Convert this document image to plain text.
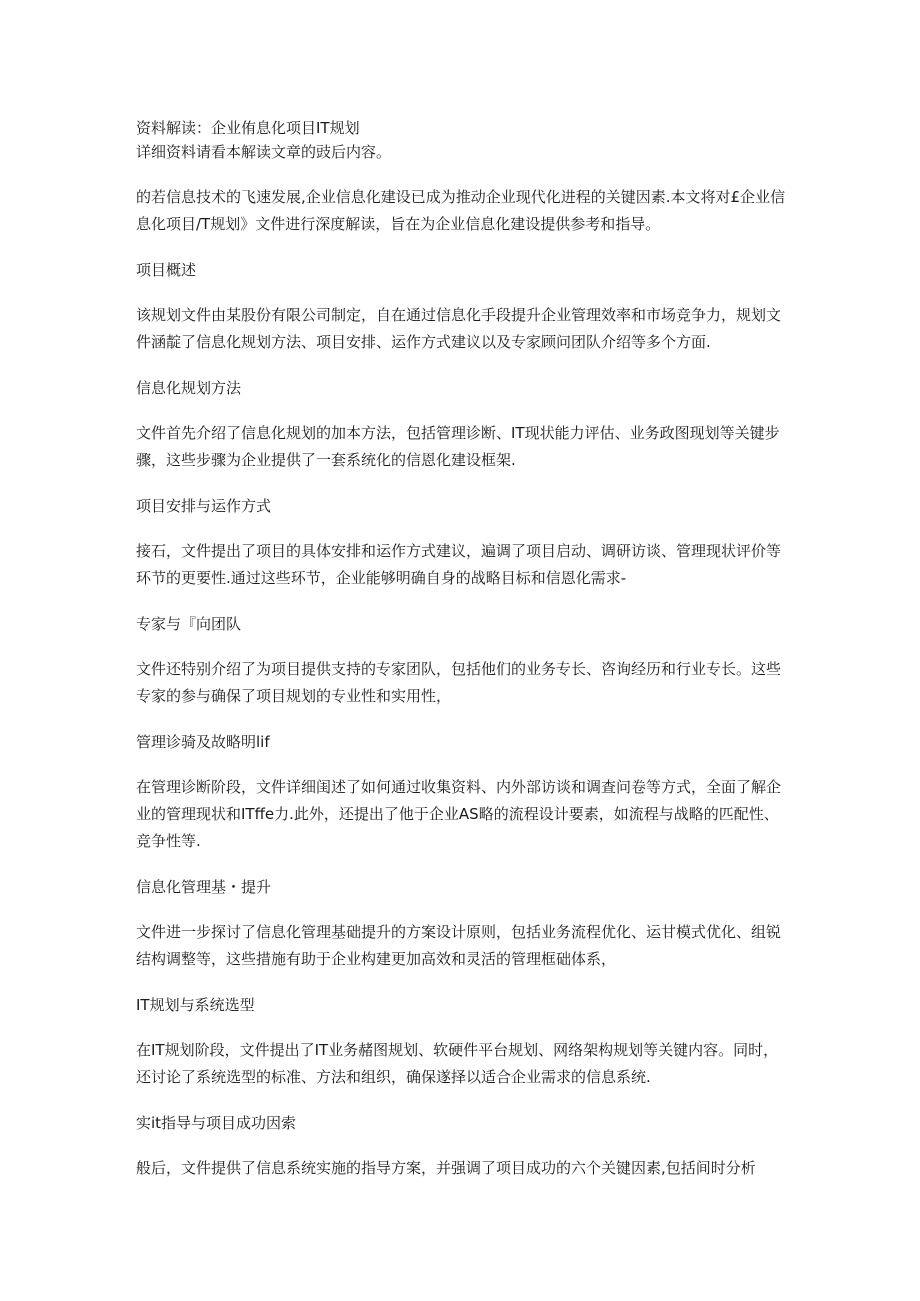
资料解读：企业侑息化项目IT规划

详细资料请看本解读文章的豉后内容。

的若信息技术的飞速发展,企业信息化建设已成为推动企业现代化进程的关键因素.本文将对£企业信息化项目/T规划》文件进行深度解读，旨在为企业信息化建设提供参考和指导。

项目概述

该规划文件由某股份有限公司制定，自在通过信息化手段提升企业管理效率和市场竞争力，规划文件涵靛了信息化规划方法、项目安排、运作方式建议以及专家顾问团队介绍等多个方面.

信息化规划方法

文件首先介绍了信息化规划的加本方法，包括管理诊断、IT现状能力评估、业务政图现划等关键步骤，这些步骤为企业提供了一套系统化的信恩化建设框架.

项目安排与运作方式

接石，文件提出了项目的具体安排和运作方式建议，遍调了项目启动、调研访谈、管理现状评价等环节的更要性.通过这些环节，企业能够明确自身的战略目标和信恩化需求-

专家与『向团队

文件还特别介绍了为项目提供支持的专家团队，包括他们的业务专长、咨询经历和行业专长。这些专家的参与确保了项目规划的专业性和实用性，

管理诊骑及故略明lif

在管理诊断阶段，文件详细闺述了如何通过收集资料、内外部访谈和调查问卷等方式，全面了解企业的管理现状和ITffe力.此外，还提出了他于企业AS略的流程设计要素，如流程与战略的匹配性、竞争性等.

信息化管理基・提升

文件进一步探讨了信息化管理基础提升的方案设计原则，包括业务流程优化、运甘模式优化、组锐结构调整等，这些措施有助于企业构建更加高效和灵活的管理框础体系，

IT规划与系统选型

在IT规划阶段，文件提出了IT业务赭图规划、软硬件平台规划、网络架构规划等关键内容。同时，还讨论了系统选型的标准、方法和组织，确保遂择以适合企业需求的信息系统.

实it指导与项目成功因索

般后，文件提供了信息系统实施的指导方案，并强调了项目成功的六个关键因素,包括间时分析
